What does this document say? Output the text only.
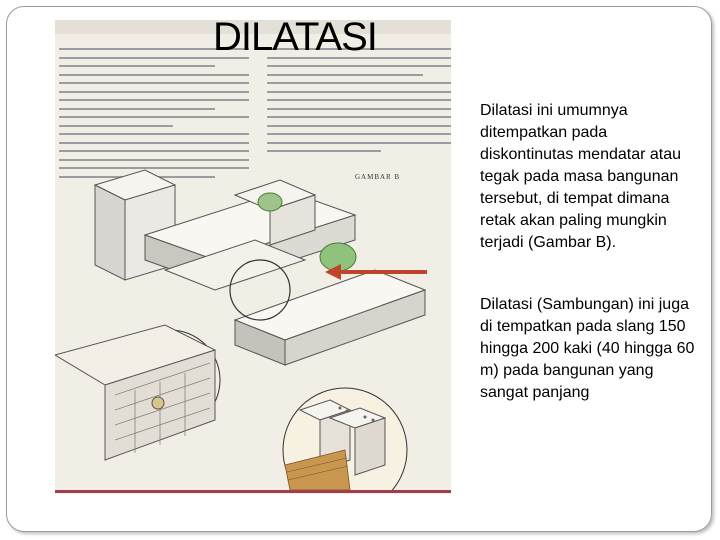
GAMBAR B
DILATASI

Dilatasi ini umumnya ditempatkan pada diskontinutas mendatar atau tegak pada masa bangunan tersebut, di tempat dimana retak akan paling mungkin terjadi (Gambar B).

Dilatasi (Sambungan) ini juga di tempatkan pada slang 150 hingga 200 kaki (40 hingga 60 m) pada bangunan yang sangat panjang
